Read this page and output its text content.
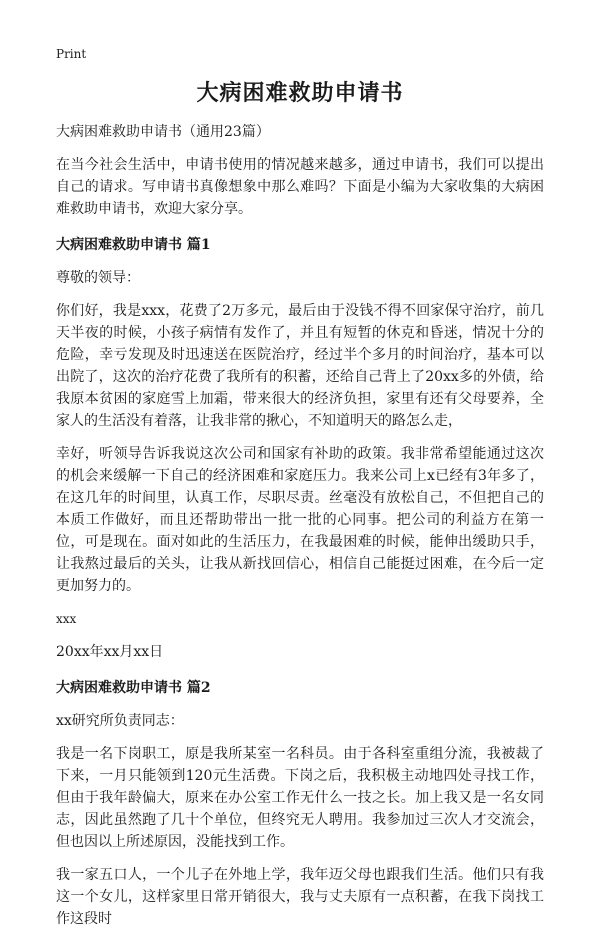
Print
大病困难救助申请书

大病困难救助申请书（通用23篇）

在当今社会生活中，申请书使用的情况越来越多，通过申请书，我们可以提出自己的请求。写申请书真像想象中那么难吗？下面是小编为大家收集的大病困难救助申请书，欢迎大家分享。

大病困难救助申请书 篇1

尊敬的领导：

你们好，我是xxx，花费了2万多元，最后由于没钱不得不回家保守治疗，前几天半夜的时候，小孩子病情有发作了，并且有短暂的休克和昏迷，情况十分的危险，幸亏发现及时迅速送在医院治疗，经过半个多月的时间治疗，基本可以出院了，这次的治疗花费了我所有的积蓄，还给自己背上了20xx多的外债，给我原本贫困的家庭雪上加霜，带来很大的经济负担，家里有还有父母要养，全家人的生活没有着落，让我非常的揪心，不知道明天的路怎么走，

幸好，听领导告诉我说这次公司和国家有补助的政策。我非常希望能通过这次的机会来缓解一下自己的经济困难和家庭压力。我来公司上x已经有3年多了，在这几年的时间里，认真工作，尽职尽责。丝毫没有放松自己，不但把自己的本质工作做好，而且还帮助带出一批一批的心同事。把公司的利益方在第一位，可是现在。面对如此的生活压力，在我最困难的时候，能伸出缓助只手，让我熬过最后的关头，让我从新找回信心，相信自己能挺过困难，在今后一定更加努力的。

xxx

20xx年xx月xx日

大病困难救助申请书 篇2

xx研究所负责同志：

我是一名下岗职工，原是我所某室一名科员。由于各科室重组分流，我被裁了下来，一月只能领到120元生活费。下岗之后，我积极主动地四处寻找工作，但由于我年龄偏大，原来在办公室工作无什么一技之长。加上我又是一名女同志，因此虽然跑了几十个单位，但终究无人聘用。我参加过三次人才交流会，但也因以上所述原因，没能找到工作。

我一家五口人，一个儿子在外地上学，我年迈父母也跟我们生活。他们只有我这一个女儿，这样家里日常开销很大，我与丈夫原有一点积蓄，在我下岗找工作这段时
